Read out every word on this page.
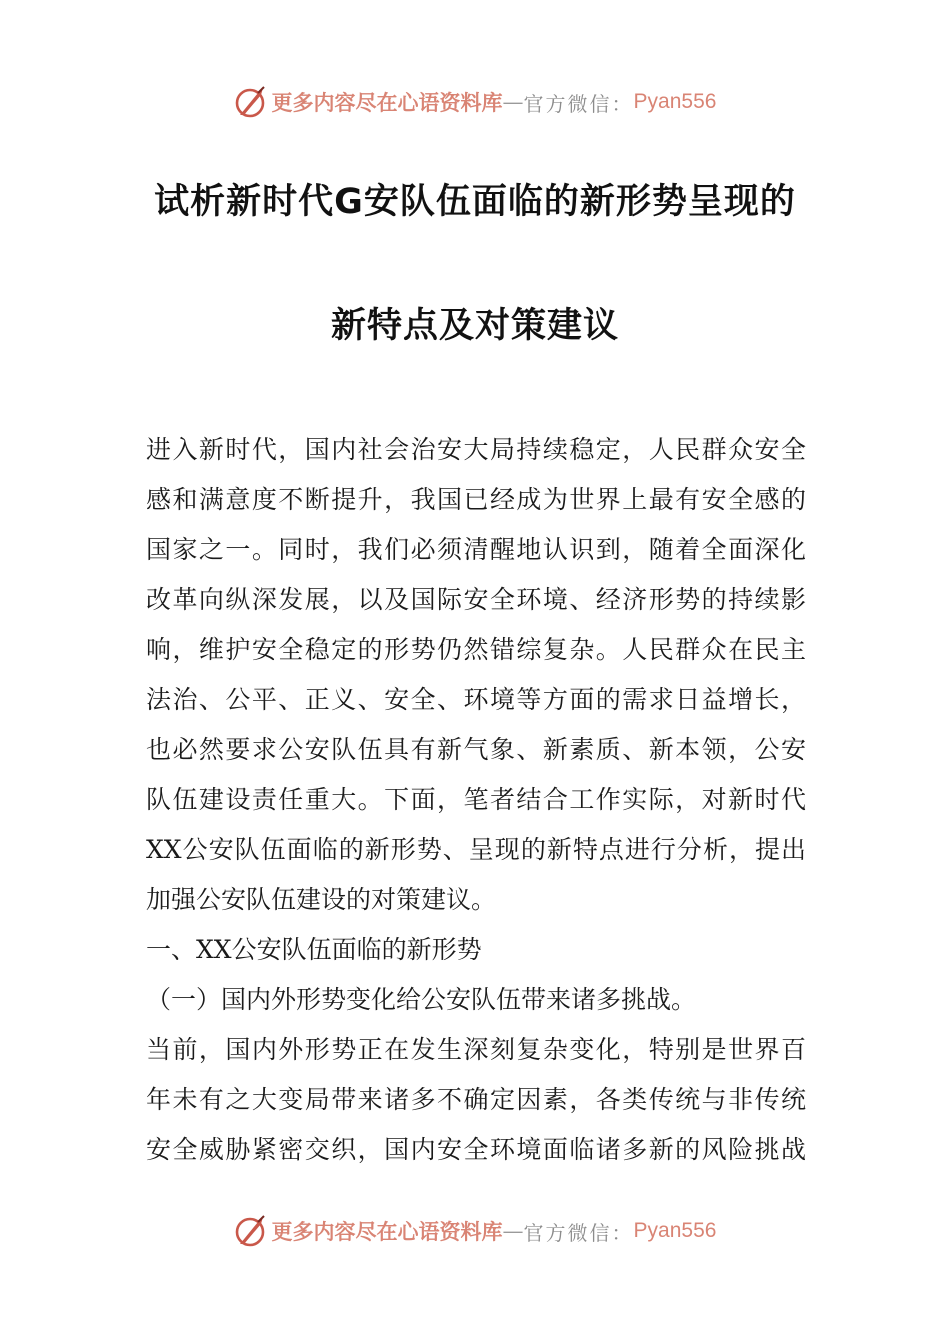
更多内容尽在心语资料库 — 官方微信： Pyan556
试析新时代G安队伍面临的新形势呈现的
新特点及对策建议
进入新时代，国内社会治安大局持续稳定，人民群众安全
感和满意度不断提升，我国已经成为世界上最有安全感的
国家之一。同时，我们必须清醒地认识到，随着全面深化
改革向纵深发展，以及国际安全环境、经济形势的持续影
响，维护安全稳定的形势仍然错综复杂。人民群众在民主
法治、公平、正义、安全、环境等方面的需求日益增长，
也必然要求公安队伍具有新气象、新素质、新本领，公安
队伍建设责任重大。下面，笔者结合工作实际，对新时代
XX公安队伍面临的新形势、呈现的新特点进行分析，提出
加强公安队伍建设的对策建议。
一、XX公安队伍面临的新形势
（一）国内外形势变化给公安队伍带来诸多挑战。
当前，国内外形势正在发生深刻复杂变化，特别是世界百
年未有之大变局带来诸多不确定因素，各类传统与非传统
安全威胁紧密交织，国内安全环境面临诸多新的风险挑战
更多内容尽在心语资料库 — 官方微信： Pyan556
